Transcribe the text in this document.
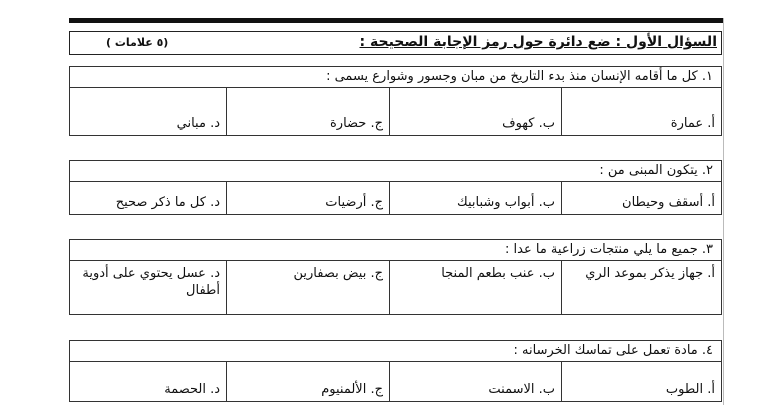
السؤال الأول : ضع دائرة حول رمز الإجابة الصحيحة :
(٥ علامات )
١. كل ما أقامه الإنسان منذ بدء التاريخ من مبان وجسور وشوارع يسمى :
أ. عمارة
ب. كهوف
ج. حضارة
د. مباني
٢. يتكون المبنى من :
أ. أسقف وحيطان
ب. أبواب وشبابيك
ج. أرضيات
د. كل ما ذكر صحيح
٣. جميع ما يلي منتجات زراعية ما عدا :
أ. جهاز يذكر بموعد الري
ب. عنب بطعم المنجا
ج. بيض بصفارين
د. عسل يحتوي على أدوية أطفال
٤. مادة تعمل على تماسك الخرسانه :
أ. الطوب
ب. الاسمنت
ج. الألمنيوم
د. الحصمة
